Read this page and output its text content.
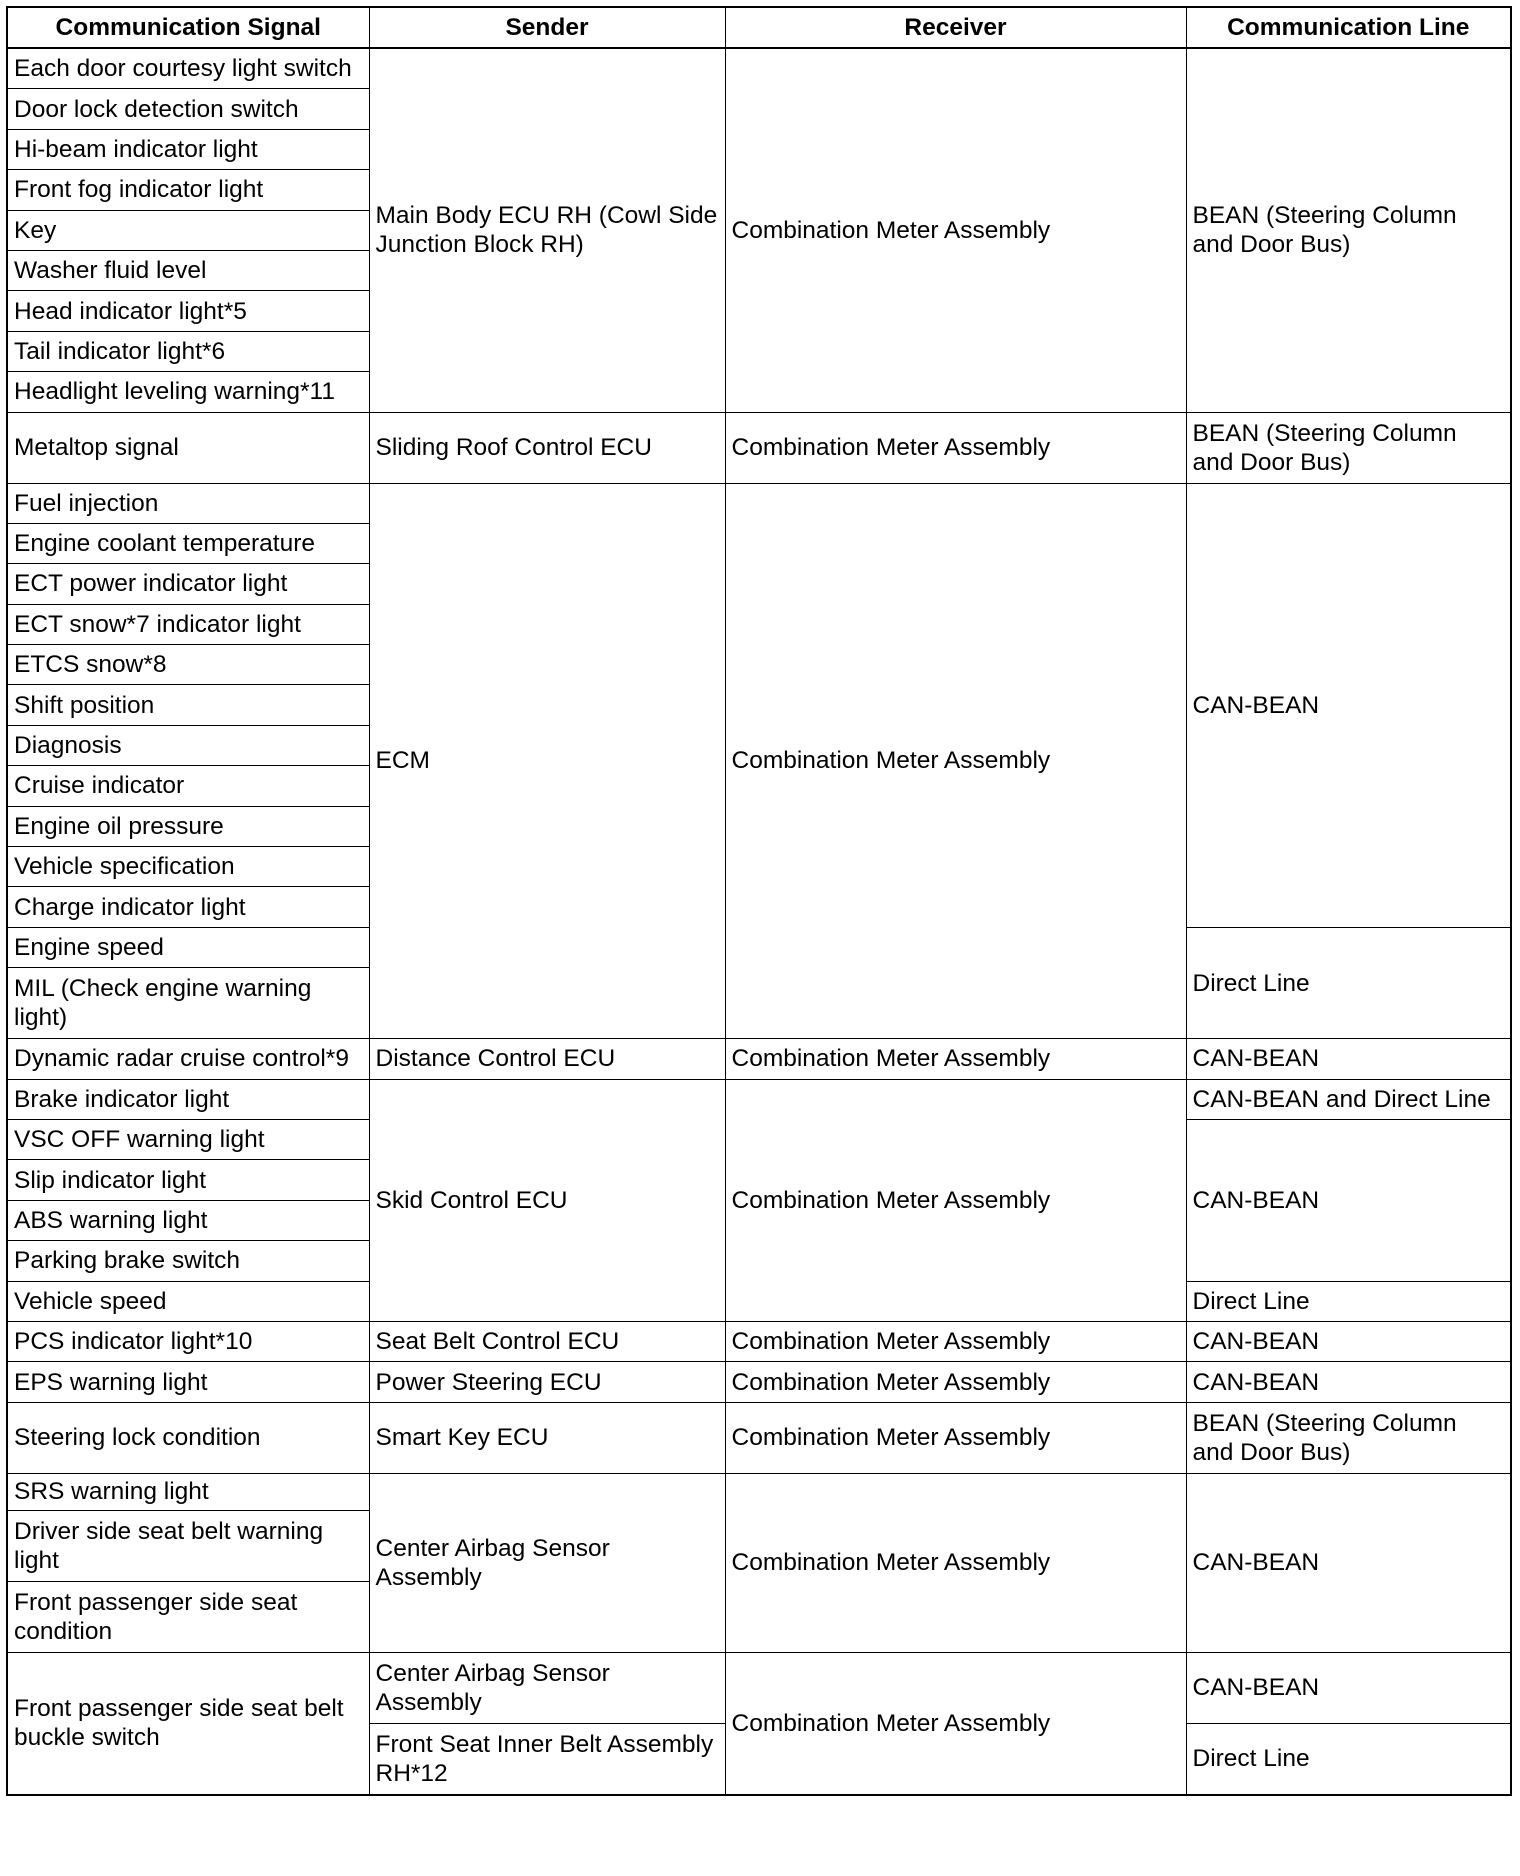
Communication Signal	Sender	Receiver	Communication Line
Each door courtesy light switch	Main Body ECU RH (Cowl Side Junction Block RH)	Combination Meter Assembly	BEAN (Steering Column and Door Bus)
Door lock detection switch			
Hi-beam indicator light			
Front fog indicator light			
Key			
Washer fluid level			
Head indicator light*5			
Tail indicator light*6			
Headlight leveling warning*11			
Metaltop signal	Sliding Roof Control ECU	Combination Meter Assembly	BEAN (Steering Column and Door Bus)
Fuel injection	ECM	Combination Meter Assembly	CAN-BEAN
Engine coolant temperature			
ECT power indicator light			
ECT snow*7 indicator light			
ETCS snow*8			
Shift position			
Diagnosis			
Cruise indicator			
Engine oil pressure			
Vehicle specification			
Charge indicator light			
Engine speed			Direct Line
MIL (Check engine warning light)			
Dynamic radar cruise control*9	Distance Control ECU	Combination Meter Assembly	CAN-BEAN
Brake indicator light	Skid Control ECU	Combination Meter Assembly	CAN-BEAN and Direct Line
VSC OFF warning light			CAN-BEAN
Slip indicator light			
ABS warning light			
Parking brake switch			
Vehicle speed			Direct Line
PCS indicator light*10	Seat Belt Control ECU	Combination Meter Assembly	CAN-BEAN
EPS warning light	Power Steering ECU	Combination Meter Assembly	CAN-BEAN
Steering lock condition	Smart Key ECU	Combination Meter Assembly	BEAN (Steering Column and Door Bus)
SRS warning light	Center Airbag Sensor Assembly	Combination Meter Assembly	CAN-BEAN
Driver side seat belt warning light			
Front passenger side seat condition			
Front passenger side seat belt buckle switch	Center Airbag Sensor Assembly	Combination Meter Assembly	CAN-BEAN
	Front Seat Inner Belt Assembly RH*12		Direct Line
